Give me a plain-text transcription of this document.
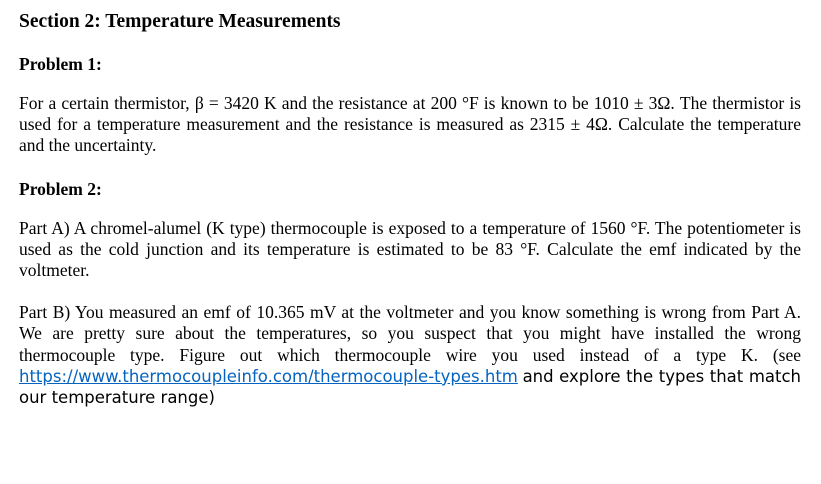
Section 2: Temperature Measurements
Problem 1:

For a certain thermistor, β = 3420 K and the resistance at 200 °F is known to be 1010 ± 3Ω. The thermistor is used for a temperature measurement and the resistance is measured as 2315 ± 4Ω. Calculate the temperature and the uncertainty.

Problem 2:

Part A) A chromel-alumel (K type) thermocouple is exposed to a temperature of 1560 °F. The potentiometer is used as the cold junction and its temperature is estimated to be 83 °F. Calculate the emf indicated by the voltmeter.

Part B) You measured an emf of 10.365 mV at the voltmeter and you know something is wrong from Part A. We are pretty sure about the temperatures, so you suspect that you might have installed the wrong thermocouple type. Figure out which thermocouple wire you used instead of a type K. (see https://www.thermocoupleinfo.com/thermocouple-types.htm and explore the types that match our temperature range)
